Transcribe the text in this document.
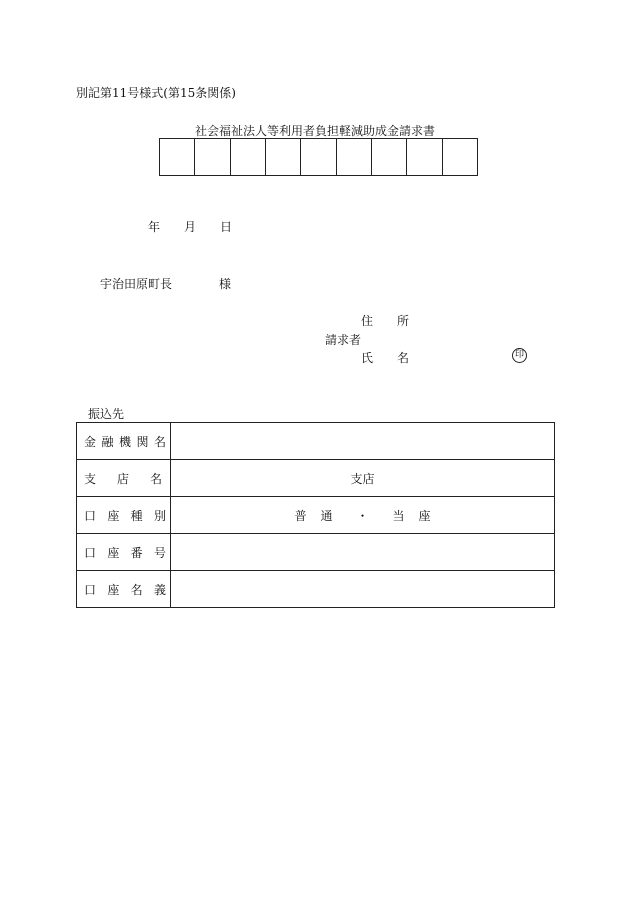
別記第11号様式(第15条関係)
社会福祉法人等利用者負担軽減助成金請求書
年 月 日
宇治田原町長	様
住 所
請求者
氏 名	印
振込先
金 融 機 関 名	

支 店 名	支店

口 座 種 別	普 通 ・ 当 座

口 座 番 号	

口 座 名 義	
